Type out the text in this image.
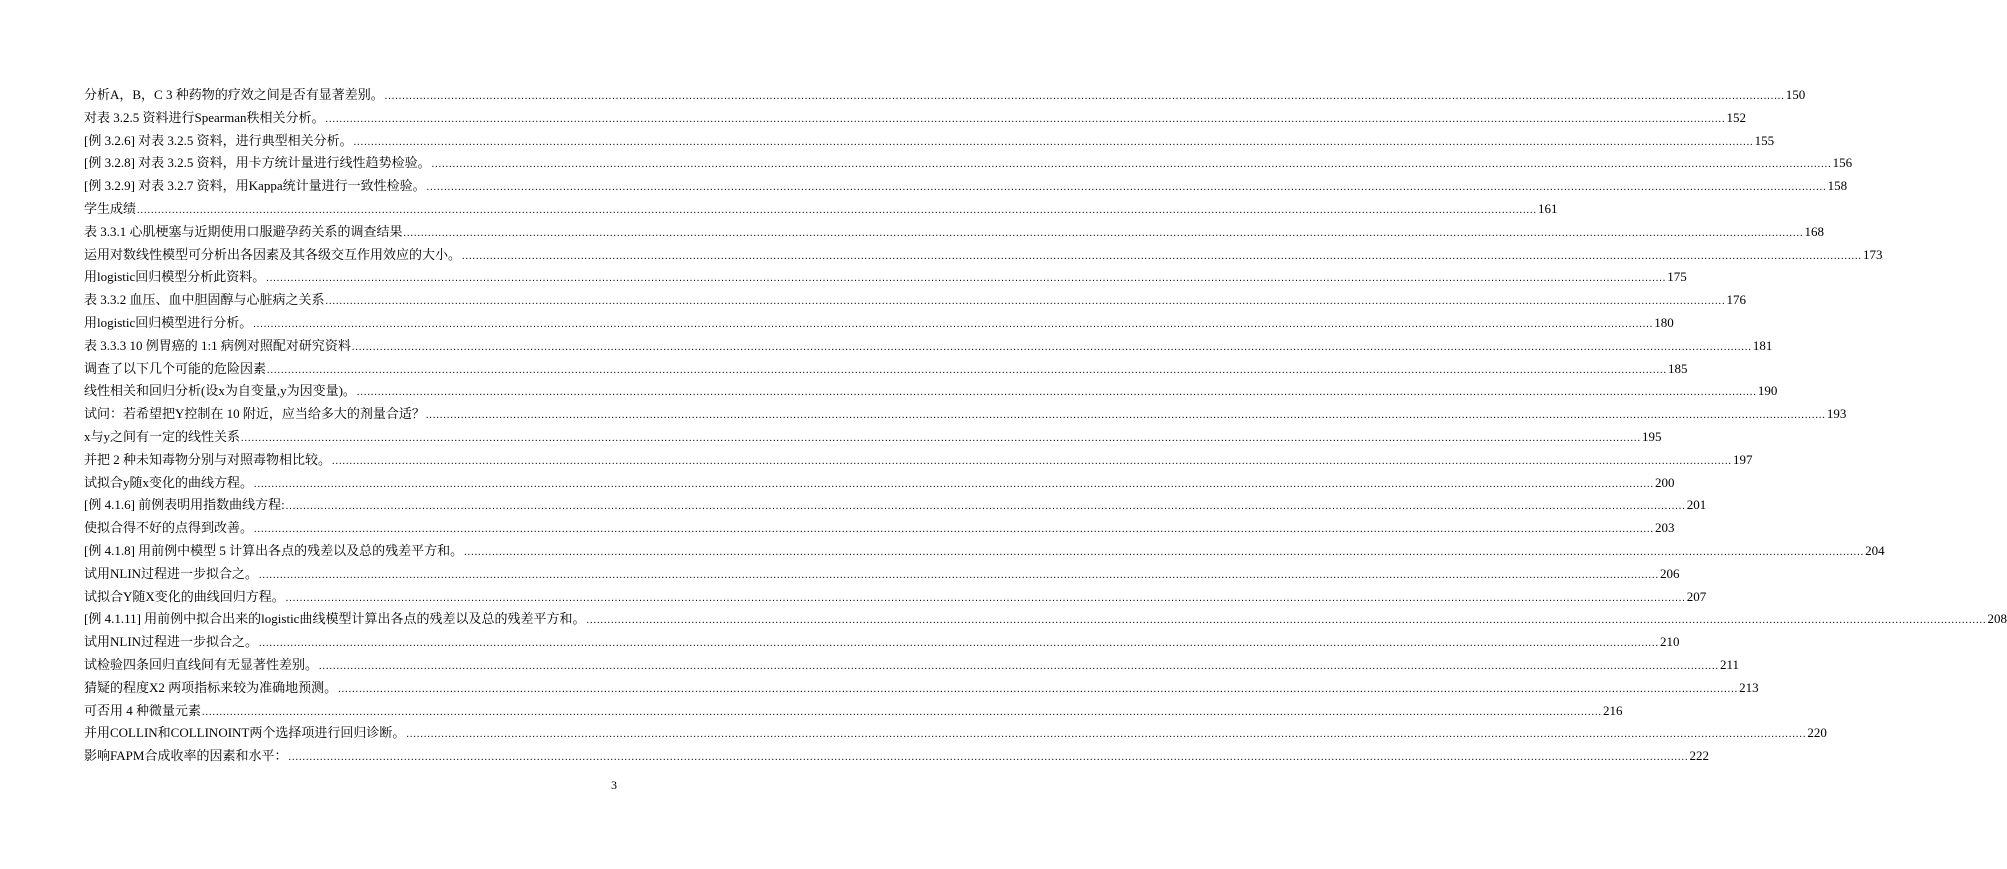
分析A，B，C 3 种药物的疗效之间是否有显著差别。 ................................................................................................................................................................................................................................................................................................................................................................................................................ 150
对表 3.2.5 资料进行Spearman秩相关分析。 ................................................................................................................................................................................................................................................................................................................................................................................................................ 152
[例 3.2.6] 对表 3.2.5 资料，进行典型相关分析。 ................................................................................................................................................................................................................................................................................................................................................................................................................ 155
[例 3.2.8] 对表 3.2.5 资料，用卡方统计量进行线性趋势检验。 ................................................................................................................................................................................................................................................................................................................................................................................................................ 156
[例 3.2.9] 对表 3.2.7 资料，用Kappa统计量进行一致性检验。 ................................................................................................................................................................................................................................................................................................................................................................................................................ 158
学生成绩 ................................................................................................................................................................................................................................................................................................................................................................................................................ 161
表 3.3.1 心肌梗塞与近期使用口服避孕药关系的调查结果 ................................................................................................................................................................................................................................................................................................................................................................................................................ 168
运用对数线性模型可分析出各因素及其各级交互作用效应的大小。 ................................................................................................................................................................................................................................................................................................................................................................................................................ 173
用logistic回归模型分析此资料。 ................................................................................................................................................................................................................................................................................................................................................................................................................ 175
表 3.3.2 血压、血中胆固醇与心脏病之关系 ................................................................................................................................................................................................................................................................................................................................................................................................................ 176
用logistic回归模型进行分析。 ................................................................................................................................................................................................................................................................................................................................................................................................................ 180
表 3.3.3 10 例胃癌的 1:1 病例对照配对研究资料 ................................................................................................................................................................................................................................................................................................................................................................................................................ 181
调查了以下几个可能的危险因素 ................................................................................................................................................................................................................................................................................................................................................................................................................ 185
线性相关和回归分析(设x为自变量,y为因变量)。 ................................................................................................................................................................................................................................................................................................................................................................................................................ 190
试问：若希望把Y控制在 10 附近，应当给多大的剂量合适？ ................................................................................................................................................................................................................................................................................................................................................................................................................ 193
x与y之间有一定的线性关系 ................................................................................................................................................................................................................................................................................................................................................................................................................ 195
并把 2 种未知毒物分别与对照毒物相比较。 ................................................................................................................................................................................................................................................................................................................................................................................................................ 197
试拟合y随x变化的曲线方程。 ................................................................................................................................................................................................................................................................................................................................................................................................................ 200
[例 4.1.6] 前例表明用指数曲线方程: ................................................................................................................................................................................................................................................................................................................................................................................................................ 201
使拟合得不好的点得到改善。 ................................................................................................................................................................................................................................................................................................................................................................................................................ 203
[例 4.1.8] 用前例中模型 5 计算出各点的残差以及总的残差平方和。 ................................................................................................................................................................................................................................................................................................................................................................................................................ 204
试用NLIN过程进一步拟合之。 ................................................................................................................................................................................................................................................................................................................................................................................................................ 206
试拟合Y随X变化的曲线回归方程。 ................................................................................................................................................................................................................................................................................................................................................................................................................ 207
[例 4.1.11] 用前例中拟合出来的logistic曲线模型计算出各点的残差以及总的残差平方和。 ................................................................................................................................................................................................................................................................................................................................................................................................................ 208
试用NLIN过程进一步拟合之。 ................................................................................................................................................................................................................................................................................................................................................................................................................ 210
试检验四条回归直线间有无显著性差别。 ................................................................................................................................................................................................................................................................................................................................................................................................................ 211
猜疑的程度X2 两项指标来较为准确地预测。 ................................................................................................................................................................................................................................................................................................................................................................................................................ 213
可否用 4 种微量元素 ................................................................................................................................................................................................................................................................................................................................................................................................................ 216
并用COLLIN和COLLINOINT两个选择项进行回归诊断。 ................................................................................................................................................................................................................................................................................................................................................................................................................ 220
影响FAPM合成收率的因素和水平： ................................................................................................................................................................................................................................................................................................................................................................................................................ 222
3
